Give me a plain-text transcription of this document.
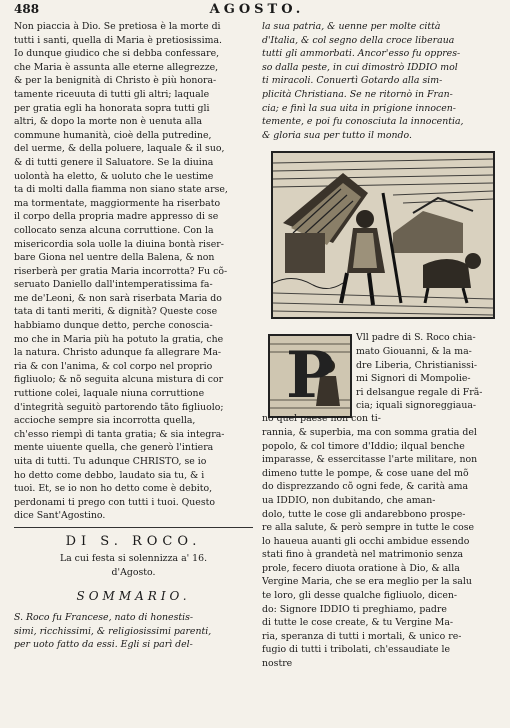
488	AGOSTO.
Non piaccia à Dio. Se pretiosa è la morte di
tutti i santi, quella di Maria è pretiosissima.
Io dunque giudico che si debba confessare,
che Maria è assunta alle eterne allegrezze,
& per la benignità di Christo è più honora-
tamente riceuuta di tutti gli altri; laquale
per gratia egli ha honorata sopra tutti gli
altri, & dopo la morte non è uenuta alla
commune humanità, cioè della putredine,
del uerme, & della poluere, laquale & il suo,
& di tutti genere il Saluatore. Se la diuina
uolontà ha eletto, & uoluto che le uestime
ta di molti dalla fiamma non siano state arse,
ma tormentate, maggiormente ha riserbato
il corpo della propria madre appresso di se
collocato senza alcuna corruttione. Con la
misericordia sola uolle la diuina bontà riser-
bare Giona nel uentre della Balena, & non
riserberà per gratia Maria incorrotta? Fu cõ-
seruato Daniello dall'intemperatissima fa-
me de'Leoni, & non sarà riserbata Maria do
tata di tanti meriti, & dignità? Queste cose
habbiamo dunque detto, perche conoscia-
mo che in Maria più ha potuto la gratia, che
la natura. Christo adunque fa allegrare Ma-
ria & con l'anima, & col corpo nel proprio
figliuolo; & nõ seguita alcuna mistura di cor
ruttione colei, laquale niuna corruttione
d'integrità seguitò partorendo tãto figliuolo;
accioche sempre sia incorrotta quella,
ch'esso riempì di tanta gratia; & sia integra-
mente uiuente quella, che generò l'intiera
uita di tutti. Tu adunque CHRISTO, se io
ho detto come debbo, laudato sia tu, & i
tuoi. Et, se io non ho detto come è debito,
perdonami ti prego con tutti i tuoi. Questo
dice Sant'Agostino.
DI S. ROCO.
La cui festa si solennizza a' 16.
d'Agosto.
SOMMARIO.
S. Roco fu Francese, nato di honestis-
simi, ricchissimi, & religiosissimi parenti,
per uoto fatto da essi. Egli si parì del-
la sua patria, & uenne per molte città
d'Italia, & col segno della croce liberaua
tutti gli ammorbati. Ancor'esso fu oppres-
so dalla peste, in cui dimostrò IDDIO mol
ti miracoli. Conuertì Gotardo alla sim-
plicità Christiana. Se ne ritornò in Fran-
cia; e finì la sua uita in prigione innocen-
temente, e poi fu conosciuta la innocentia,
& gloria sua per tutto il mondo.
P
Vll padre di S. Roco chia-
mato Giouanni, & la ma-
dre Liberia, Christianissi-
mi Signori di Mompolie-
ri delsangue regale di Frã-
cia; iquali signoreggiaua-
no quel paese non con ti-
rannia, & superbia, ma con somma gratia del
popolo, & col timore d'Iddio; ilqual benche
imparasse, & essercitasse l'arte militare, non
dimeno tutte le pompe, & cose uane del mõ
do disprezzando cõ ogni fede, & carità ama
ua IDDIO, non dubitando, che aman-
dolo, tutte le cose gli andarebbono prospe-
re alla salute, & però sempre in tutte le cose
lo haueua auanti gli occhi ambidue essendo
stati fino à grandetà nel matrimonio senza
prole, fecero diuota oratione à Dio, & alla
Vergine Maria, che se era meglio per la salu
te loro, gli desse qualche figliuolo, dicen-
do: Signore IDDIO ti preghiamo, padre
di tutte le cose create, & tu Vergine Ma-
ria, speranza di tutti i mortali, & unico re-
fugio di tutti i tribolati, ch'essaudiate le
nostre
